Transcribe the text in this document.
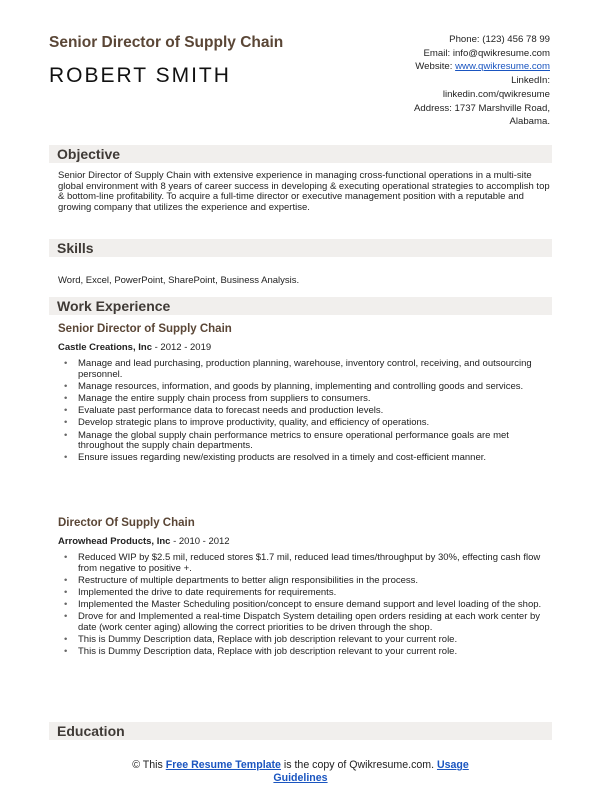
Senior Director of Supply Chain
ROBERT SMITH
Phone: (123) 456 78 99
Email: info@qwikresume.com
Website: www.qwikresume.com
LinkedIn:
linkedin.com/qwikresume
Address: 1737 Marshville Road,
Alabama.
Objective

Senior Director of Supply Chain with extensive experience in managing cross-functional operations in a multi-site global environment with 8 years of career success in developing & executing operational strategies to accomplish top & bottom-line profitability. To acquire a full-time director or executive management position with a reputable and growing company that utilizes the experience and expertise.

Skills

Word, Excel, PowerPoint, SharePoint, Business Analysis.

Work Experience
Senior Director of Supply Chain
Castle Creations, Inc - 2012 - 2019
• Manage and lead purchasing, production planning, warehouse, inventory control, receiving, and outsourcing personnel.
• Manage resources, information, and goods by planning, implementing and controlling goods and services.
• Manage the entire supply chain process from suppliers to consumers.
• Evaluate past performance data to forecast needs and production levels.
• Develop strategic plans to improve productivity, quality, and efficiency of operations.
• Manage the global supply chain performance metrics to ensure operational performance goals are met throughout the supply chain departments.
• Ensure issues regarding new/existing products are resolved in a timely and cost-efficient manner.
Director Of Supply Chain
Arrowhead Products, Inc - 2010 - 2012
• Reduced WIP by $2.5 mil, reduced stores $1.7 mil, reduced lead times/throughput by 30%, effecting cash flow from negative to positive +.
• Restructure of multiple departments to better align responsibilities in the process.
• Implemented the drive to date requirements for requirements.
• Implemented the Master Scheduling position/concept to ensure demand support and level loading of the shop.
• Drove for and Implemented a real-time Dispatch System detailing open orders residing at each work center by date (work center aging) allowing the correct priorities to be driven through the shop.
• This is Dummy Description data, Replace with job description relevant to your current role.
• This is Dummy Description data, Replace with job description relevant to your current role.
Education
© This Free Resume Template is the copy of Qwikresume.com. Usage
Guidelines
